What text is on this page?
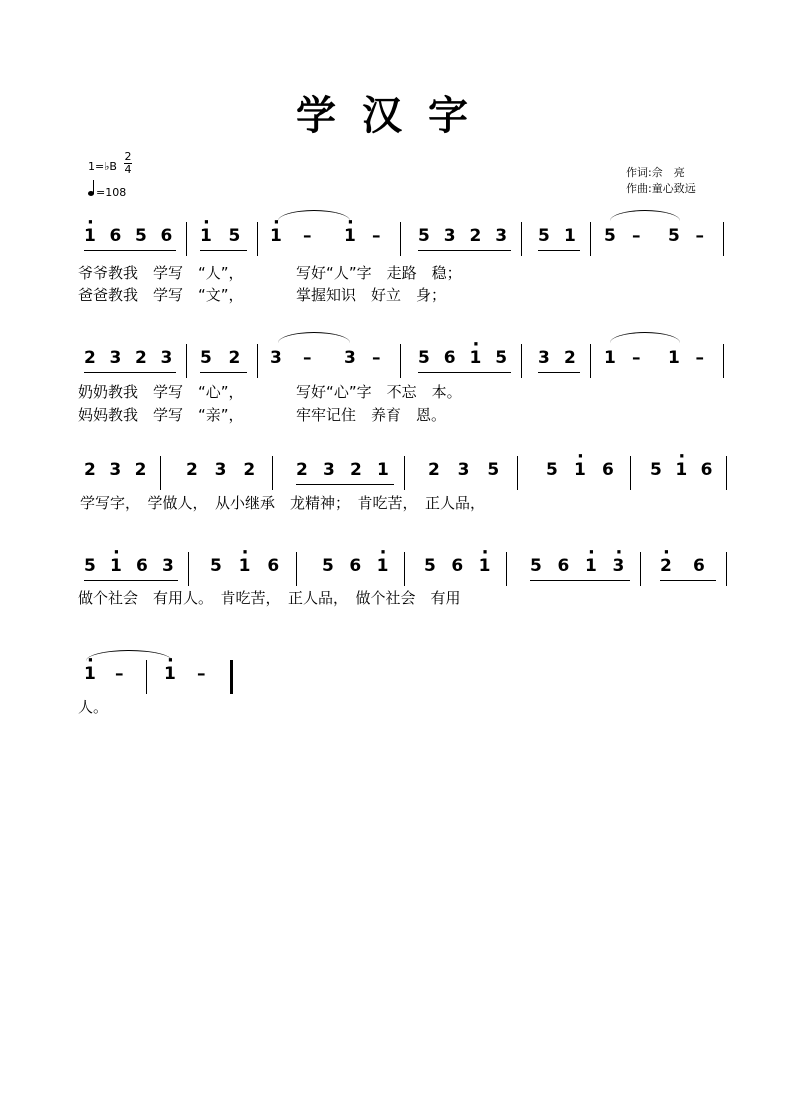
学汉字
1=♭B
2
4
=108
作词:佘　亮
作曲:童心致远
· 1 6 5 6 · 1 5 · 1 – · 1 – 5 3 2 3 5 1 5 – 5 –
2 3 2 3 5 2 3 – 3 – 5 6 · 1 5 3 2 1 – 1 –
2 3 2 2 3 2 2 3 2 1 2 3 5	5 · 1 6 5 · 1 6
5 · 1 6 3 5 · 1 6	5 6 · 1 5 6 · 1 5 6 · 1 · 3 · 2 6
· 1 – · 1 –
爷爷教我　学写　“人”，　　　　写好“人”字　走路　稳；
爸爸教我　学写　“文”，　　　　掌握知识　好立　身；
奶奶教我　学写　“心”，　　　　写好“心”字　不忘　本。
妈妈教我　学写　“亲”，　　　　牢牢记住　养育　恩。
学写字，　学做人，　从小继承　龙精神；　肯吃苦，　正人品，
做个社会　有用人。　肯吃苦，　正人品，　做个社会　有用
人。
